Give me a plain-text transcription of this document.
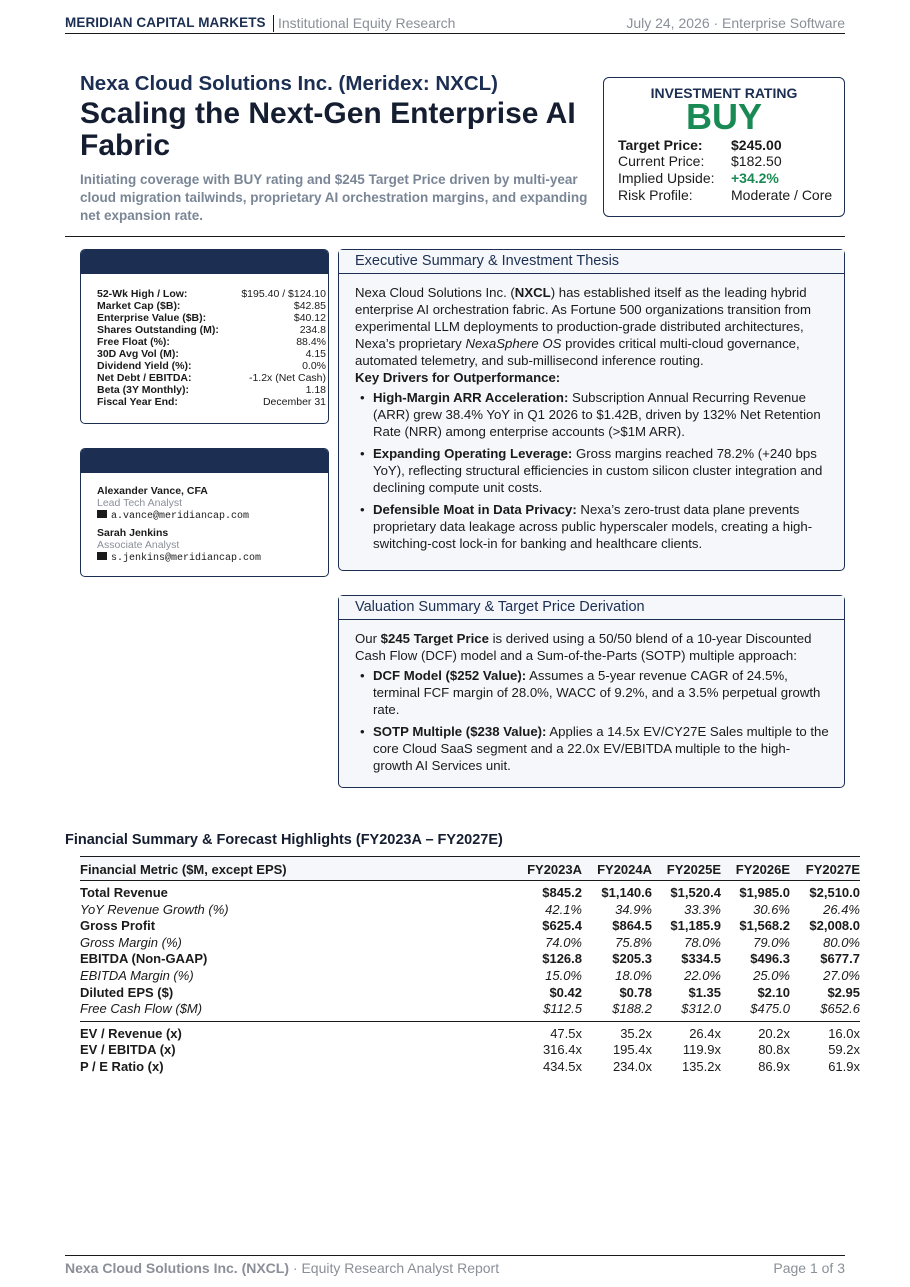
MERIDIAN CAPITAL MARKETS Institutional Equity Research	July 24, 2026 · Enterprise Software
Nexa Cloud Solutions Inc. (Meridex: NXCL)
Scaling the Next-Gen Enterprise AI Fabric
Initiating coverage with BUY rating and $245 Target Price driven by multi-year cloud migration tailwinds, proprietary AI orchestration margins, and expanding net expansion rate.
INVESTMENT RATING
BUY
Target Price: $245.00
Current Price: $182.50
Implied Upside: +34.2%
Risk Profile:	Moderate / Core
52-Wk High / Low:	$195.40 / $124.10
Market Cap ($B):	$42.85
Enterprise Value ($B):	$40.12
Shares Outstanding (M):	234.8
Free Float (%):	88.4%
30D Avg Vol (M):	4.15
Dividend Yield (%):	0.0%
Net Debt / EBITDA:	-1.2x (Net Cash)
Beta (3Y Monthly):	1.18
Fiscal Year End:	December 31
Alexander Vance, CFA
Lead Tech Analyst
a.vance@meridiancap.com
Sarah Jenkins
Associate Analyst
s.jenkins@meridiancap.com
Executive Summary & Investment Thesis

Nexa Cloud Solutions Inc. (NXCL) has established itself as the leading hybrid enterprise AI orchestration fabric. As Fortune 500 organizations transition from experimental LLM deployments to production-grade distributed architectures, Nexa’s proprietary NexaSphere OS provides critical multi-cloud governance, automated telemetry, and sub-millisecond inference routing.

Key Drivers for Outperformance:

• High-Margin ARR Acceleration: Subscription Annual Recurring Revenue (ARR) grew 38.4% YoY in Q1 2026 to $1.42B, driven by 132% Net Retention Rate (NRR) among enterprise accounts (>$1M ARR).
• Expanding Operating Leverage: Gross margins reached 78.2% (+240 bps YoY), reflecting structural efficiencies in custom silicon cluster integration and declining compute unit costs.
• Defensible Moat in Data Privacy: Nexa’s zero-trust data plane prevents proprietary data leakage across public hyperscaler models, creating a high-switching-cost lock-in for banking and healthcare clients.
Valuation Summary & Target Price Derivation

Our $245 Target Price is derived using a 50/50 blend of a 10-year Discounted Cash Flow (DCF) model and a Sum-of-the-Parts (SOTP) multiple approach:

• DCF Model ($252 Value): Assumes a 5-year revenue CAGR of 24.5%, terminal FCF margin of 28.0%, WACC of 9.2%, and a 3.5% perpetual growth rate.
• SOTP Multiple ($238 Value): Applies a 14.5x EV/CY27E Sales multiple to the core Cloud SaaS segment and a 22.0x EV/EBITDA multiple to the high-growth AI Services unit.
Financial Summary & Forecast Highlights (FY2023A – FY2027E)
Financial Metric ($M, except EPS)	FY2023A	FY2024A	FY2025E	FY2026E	FY2027E
Total Revenue	$845.2	$1,140.6	$1,520.4	$1,985.0	$2,510.0
YoY Revenue Growth (%)	42.1%	34.9%	33.3%	30.6%	26.4%
Gross Profit	$625.4	$864.5	$1,185.9	$1,568.2	$2,008.0
Gross Margin (%)	74.0%	75.8%	78.0%	79.0%	80.0%
EBITDA (Non-GAAP)	$126.8	$205.3	$334.5	$496.3	$677.7
EBITDA Margin (%)	15.0%	18.0%	22.0%	25.0%	27.0%
Diluted EPS ($)	$0.42	$0.78	$1.35	$2.10	$2.95
Free Cash Flow ($M)	$112.5	$188.2	$312.0	$475.0	$652.6
EV / Revenue (x)	47.5x	35.2x	26.4x	20.2x	16.0x
EV / EBITDA (x)	316.4x	195.4x	119.9x	80.8x	59.2x
P / E Ratio (x)	434.5x	234.0x	135.2x	86.9x	61.9x
Nexa Cloud Solutions Inc. (NXCL) · Equity Research Analyst Report	Page 1 of 3
